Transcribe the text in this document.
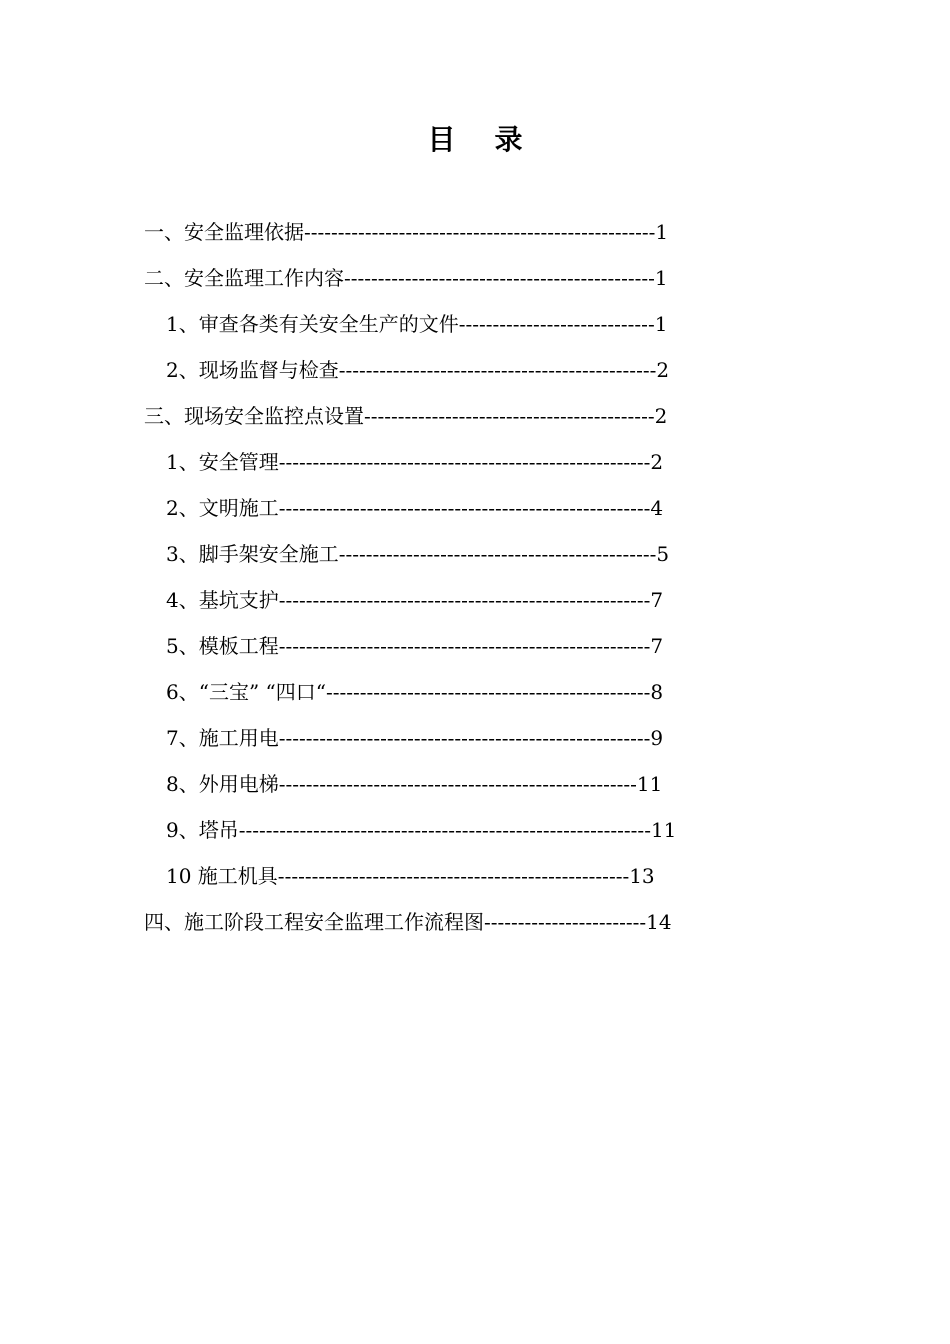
目    录
一、安全监理依据----------------------------------------------------1
二、安全监理工作内容----------------------------------------------1
1、审查各类有关安全生产的文件-----------------------------1
2、现场监督与检查-----------------------------------------------2
三、现场安全监控点设置-------------------------------------------2
1、安全管理-------------------------------------------------------2
2、文明施工-------------------------------------------------------4
3、脚手架安全施工-----------------------------------------------5
4、基坑支护-------------------------------------------------------7
5、模板工程-------------------------------------------------------7
6、“三宝” “四口“------------------------------------------------8
7、施工用电-------------------------------------------------------9
8、外用电梯-----------------------------------------------------11
9、塔吊-------------------------------------------------------------11
10 施工机具----------------------------------------------------13
四、施工阶段工程安全监理工作流程图------------------------14
